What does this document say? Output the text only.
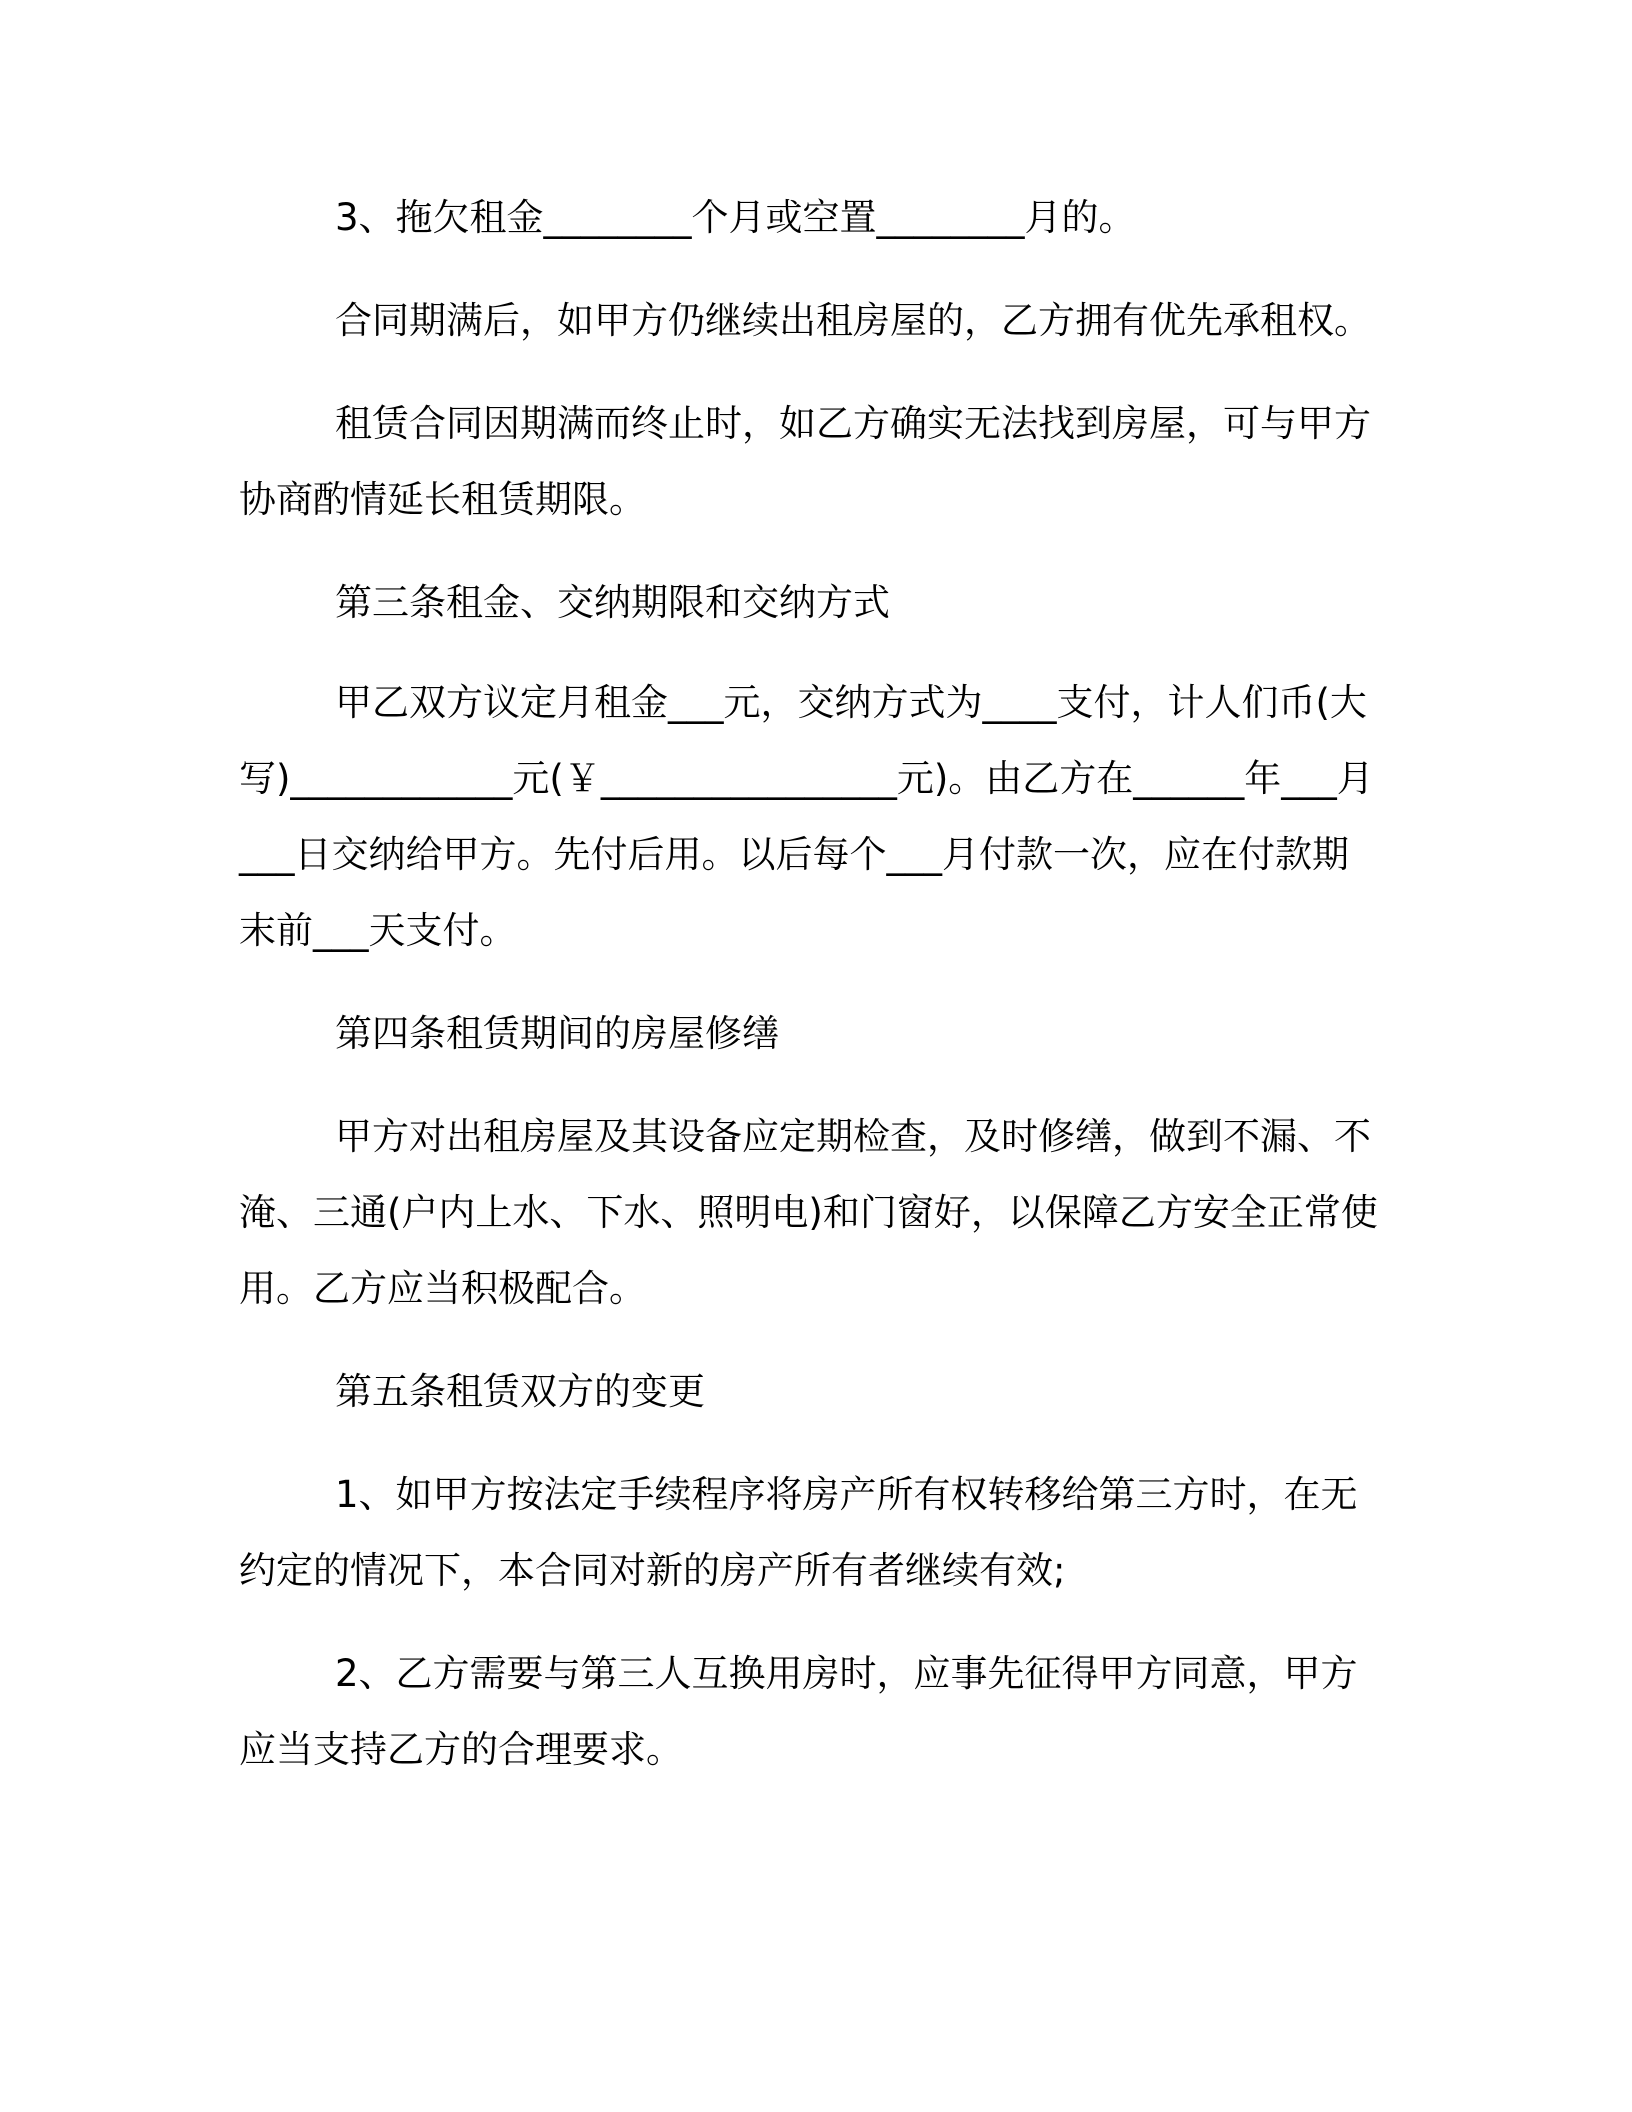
3、拖欠租金________个月或空置________月的。

合同期满后，如甲方仍继续出租房屋的，乙方拥有优先承租权。

租赁合同因期满而终止时，如乙方确实无法找到房屋，可与甲方协商酌情延长租赁期限。

第三条租金、交纳期限和交纳方式

甲乙双方议定月租金___元，交纳方式为____支付，计人们币(大写)____________元(￥________________元)。由乙方在______年___月___日交纳给甲方。先付后用。以后每个___月付款一次，应在付款期末前___天支付。

第四条租赁期间的房屋修缮

甲方对出租房屋及其设备应定期检查，及时修缮，做到不漏、不淹、三通(户内上水、下水、照明电)和门窗好，以保障乙方安全正常使用。乙方应当积极配合。

第五条租赁双方的变更

1、如甲方按法定手续程序将房产所有权转移给第三方时，在无约定的情况下，本合同对新的房产所有者继续有效;

2、乙方需要与第三人互换用房时，应事先征得甲方同意，甲方应当支持乙方的合理要求。
